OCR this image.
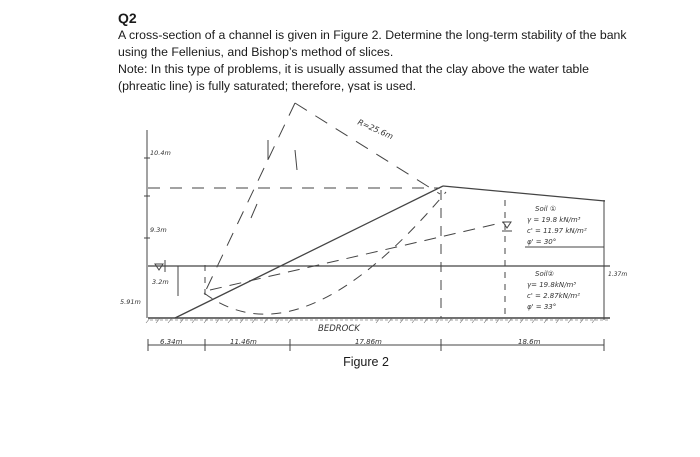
Q2
A cross-section of a channel is given in Figure 2. Determine the long-term stability of the bank
using the Fellenius, and Bishop’s method of slices.
Note: In this type of problems, it is usually assumed that the clay above the water table
(phreatic line) is fully saturated; therefore, γsat is used.
R=25.6m
10.4m
9.3m
3.2m
5.91m
BEDROCK
6.34m	11.46m	17.86m	18.6m
Soil ①
γ = 19.8 kN/m³
c' = 11.97 kN/m²
φ' = 30°
Soil②
γ= 19.8kN/m³
c' = 2.87kN/m²
φ' = 33°
1.37m
Figure 2
